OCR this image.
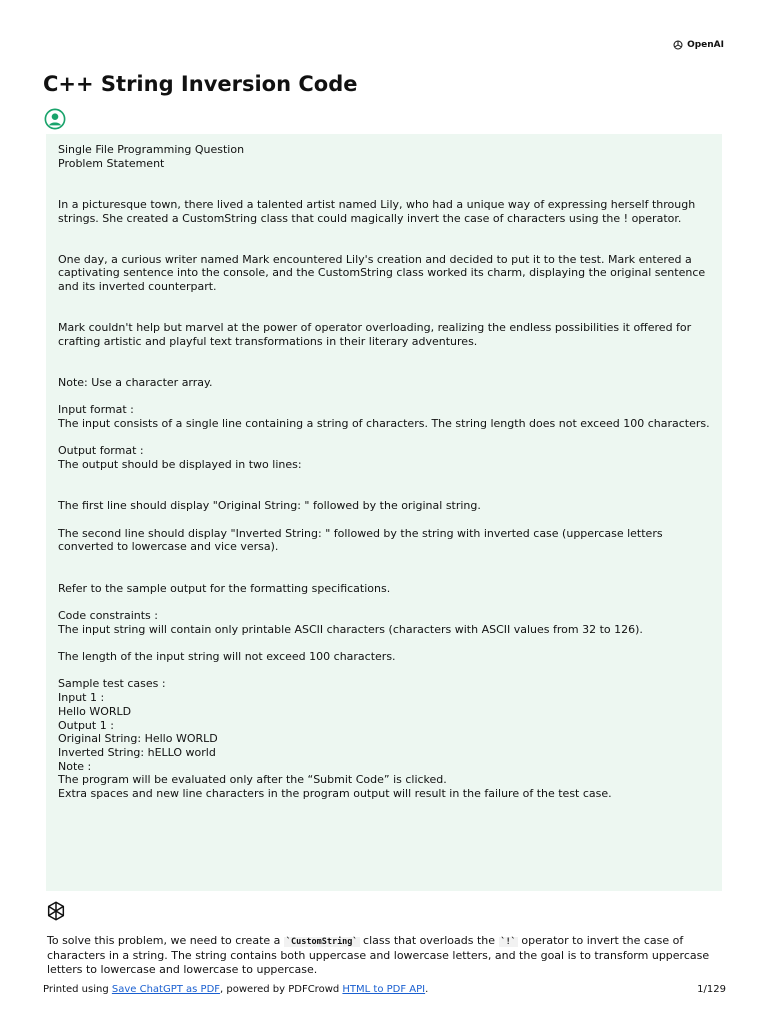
OpenAI
C++ String Inversion Code

Single File Programming Question

Problem Statement

In a picturesque town, there lived a talented artist named Lily, who had a unique way of expressing herself through strings. She created a CustomString class that could magically invert the case of characters using the ! operator.

One day, a curious writer named Mark encountered Lily's creation and decided to put it to the test. Mark entered a captivating sentence into the console, and the CustomString class worked its charm, displaying the original sentence and its inverted counterpart.

Mark couldn't help but marvel at the power of operator overloading, realizing the endless possibilities it offered for crafting artistic and playful text transformations in their literary adventures.

Note: Use a character array.

Input format :

The input consists of a single line containing a string of characters. The string length does not exceed 100 characters.

Output format :

The output should be displayed in two lines:

The first line should display "Original String: " followed by the original string.

The second line should display "Inverted String: " followed by the string with inverted case (uppercase letters converted to lowercase and vice versa).

Refer to the sample output for the formatting specifications.

Code constraints :

The input string will contain only printable ASCII characters (characters with ASCII values from 32 to 126).

The length of the input string will not exceed 100 characters.

Sample test cases :

Input 1 :

Hello WORLD

Output 1 :

Original String: Hello WORLD

Inverted String: hELLO world

Note :

The program will be evaluated only after the “Submit Code” is clicked.

Extra spaces and new line characters in the program output will result in the failure of the test case.

To solve this problem, we need to create a `CustomString` class that overloads the `!` operator to invert the case of characters in a string. The string contains both uppercase and lowercase letters, and the goal is to transform uppercase letters to lowercase and lowercase to uppercase.

Printed using Save ChatGPT as PDF, powered by PDFCrowd HTML to PDF API.	1/129
